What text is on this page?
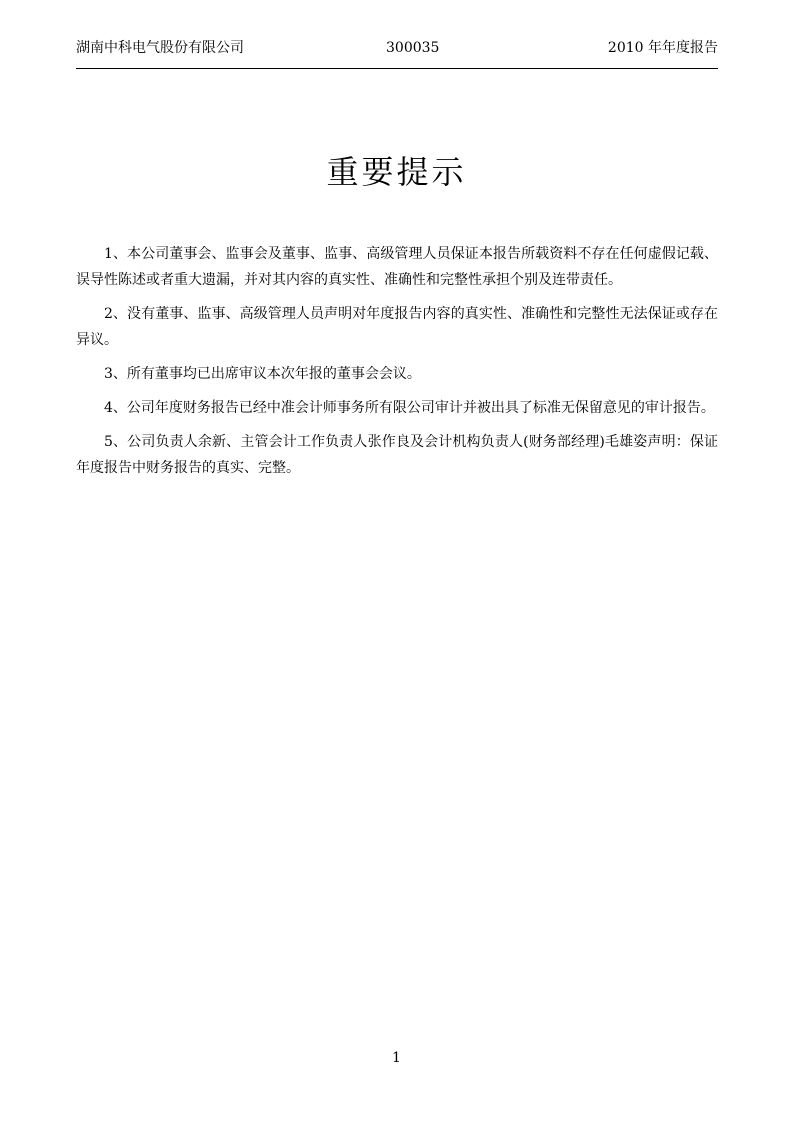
湖南中科电气股份有限公司	300035	2010 年年度报告
重要提示

1、本公司董事会、监事会及董事、监事、高级管理人员保证本报告所载资料不存在任何虚假记载、误导性陈述或者重大遗漏，并对其内容的真实性、准确性和完整性承担个别及连带责任。

2、没有董事、监事、高级管理人员声明对年度报告内容的真实性、准确性和完整性无法保证或存在异议。

3、所有董事均已出席审议本次年报的董事会会议。

4、公司年度财务报告已经中准会计师事务所有限公司审计并被出具了标准无保留意见的审计报告。

5、公司负责人余新、主管会计工作负责人张作良及会计机构负责人(财务部经理)毛雄姿声明：保证年度报告中财务报告的真实、完整。

1
